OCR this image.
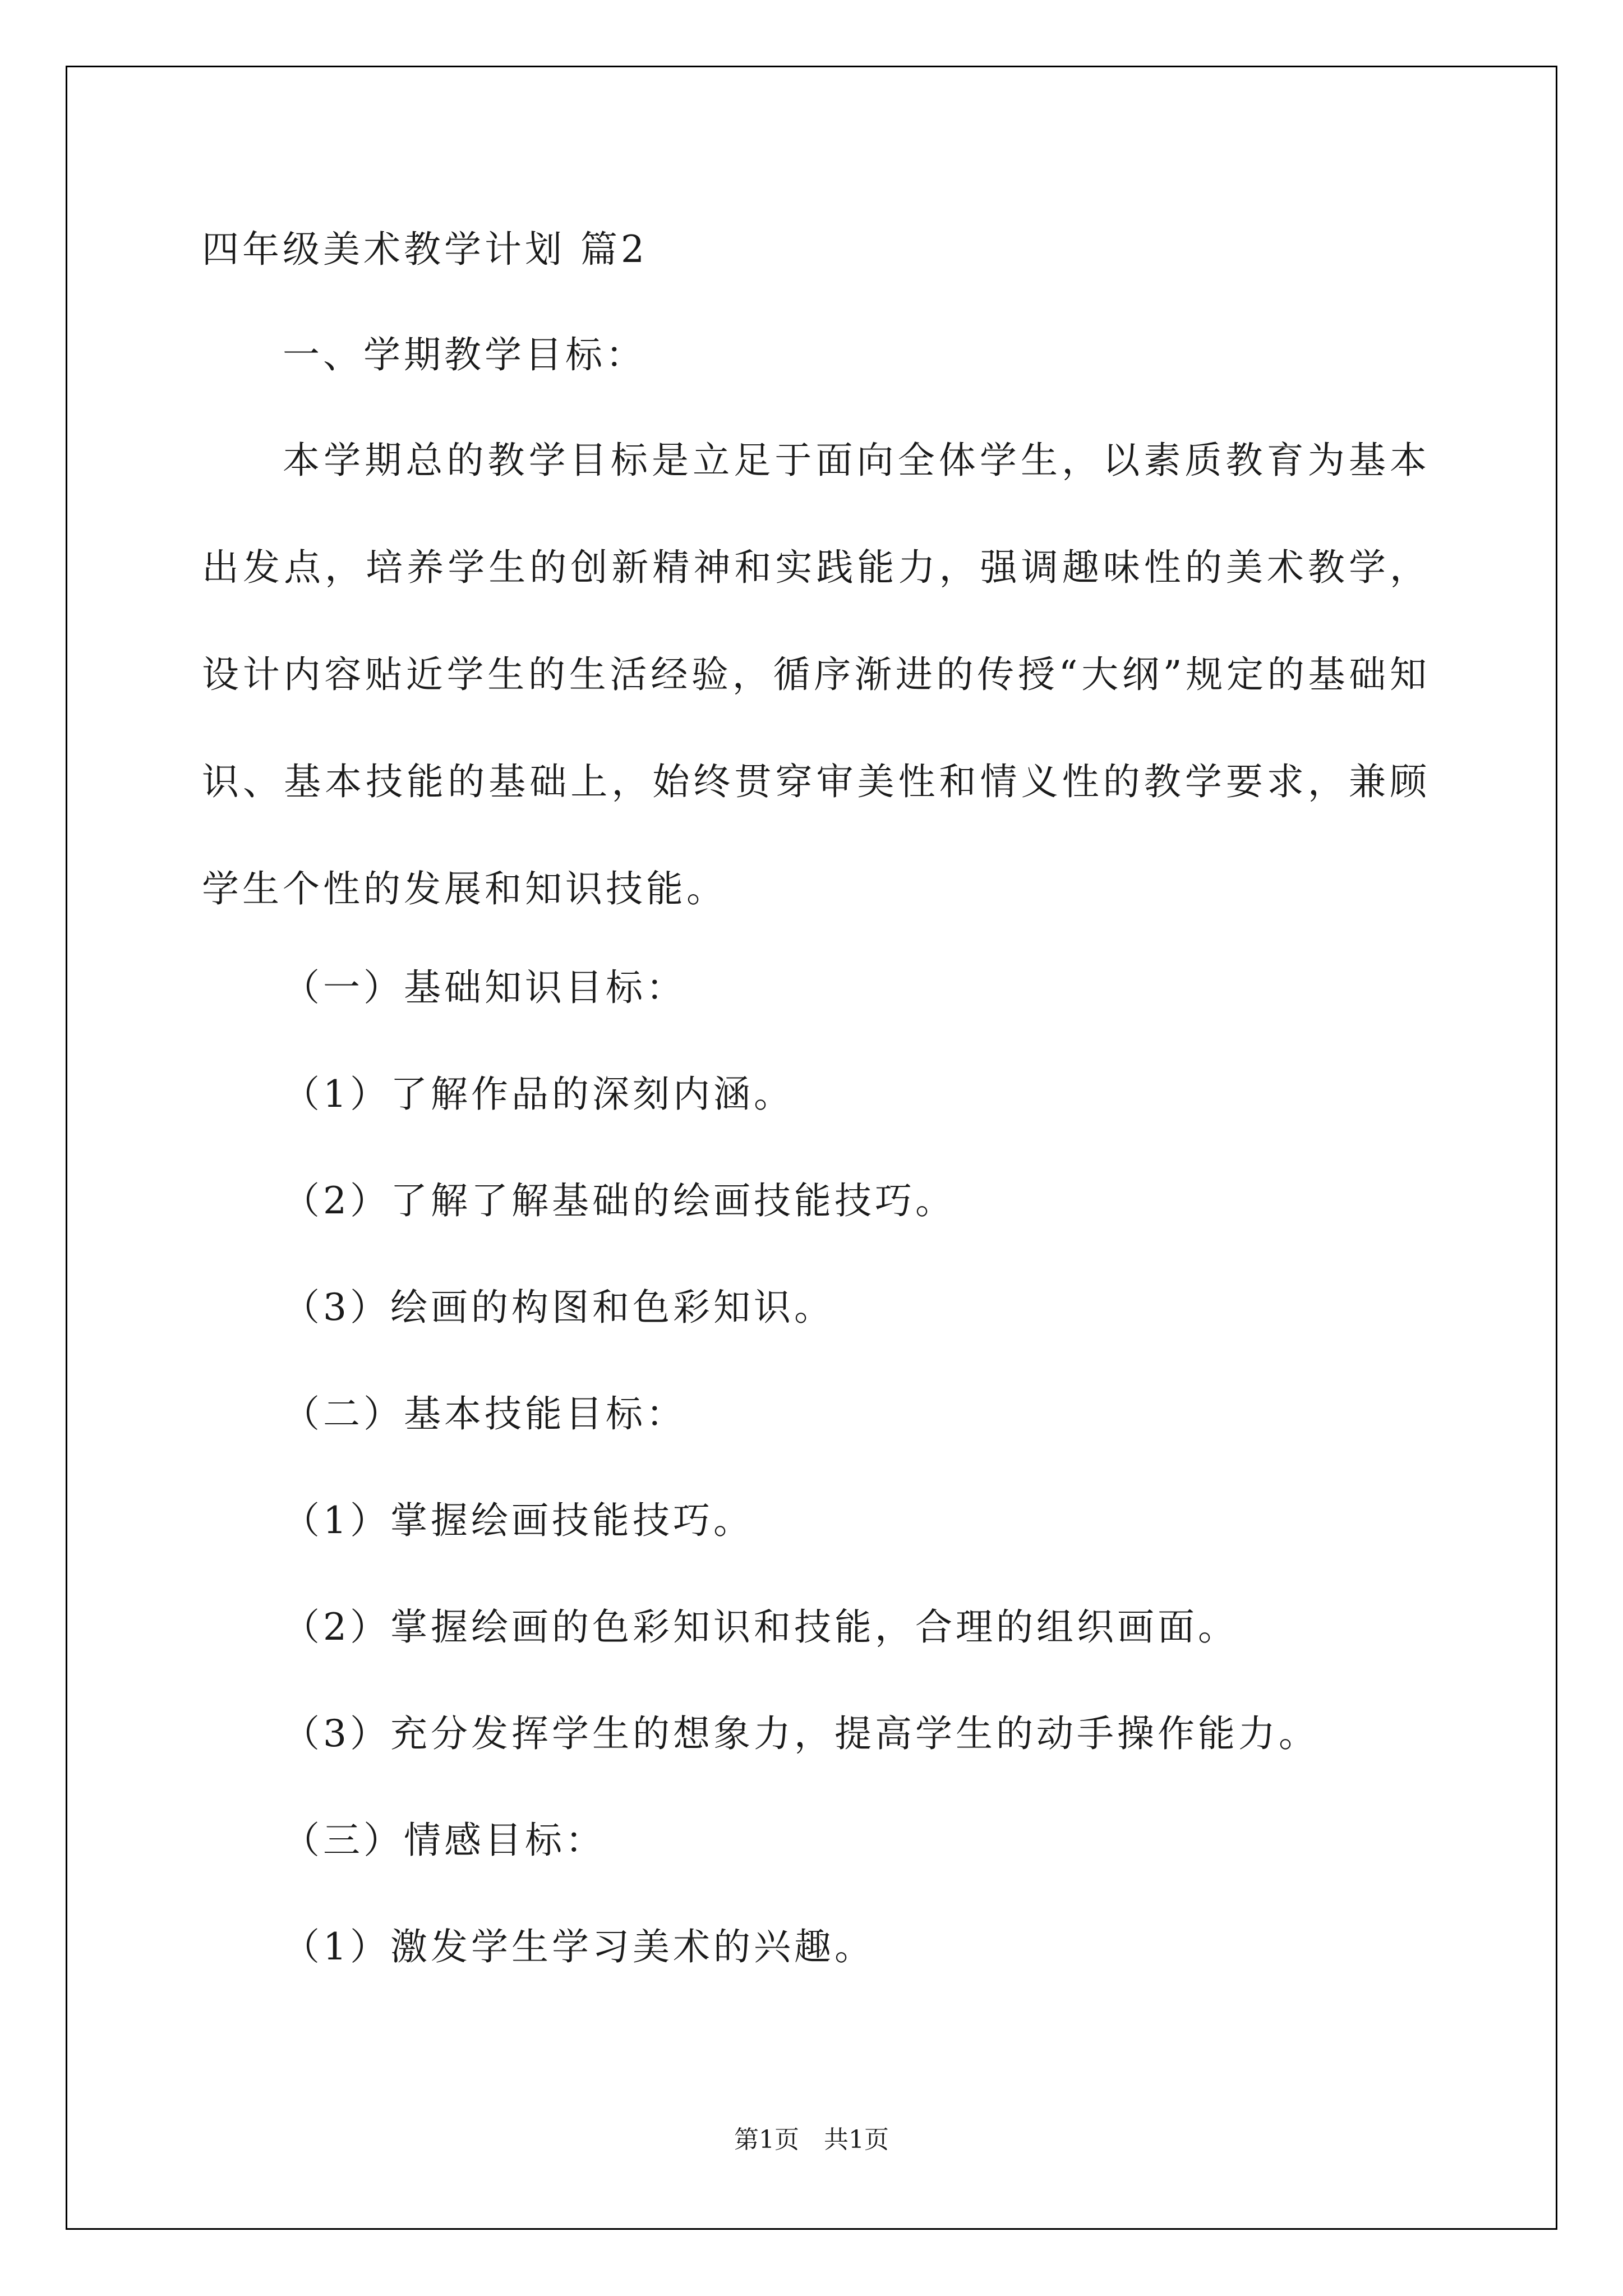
四年级美术教学计划 篇2
一、学期教学目标：
本学期总的教学目标是立足于面向全体学生，以素质教育为基本出发点，培养学生的创新精神和实践能力，强调趣味性的美术教学，设计内容贴近学生的生活经验，循序渐进的传授“大纲”规定的基础知识、基本技能的基础上，始终贯穿审美性和情义性的教学要求，兼顾学生个性的发展和知识技能。
（一）基础知识目标：
（1）了解作品的深刻内涵。
（2）了解了解基础的绘画技能技巧。
（3）绘画的构图和色彩知识。
（二）基本技能目标：
（1）掌握绘画技能技巧。
（2）掌握绘画的色彩知识和技能，合理的组织画面。
（3）充分发挥学生的想象力，提高学生的动手操作能力。
（三）情感目标：
（1）激发学生学习美术的兴趣。
第1页　共1页
